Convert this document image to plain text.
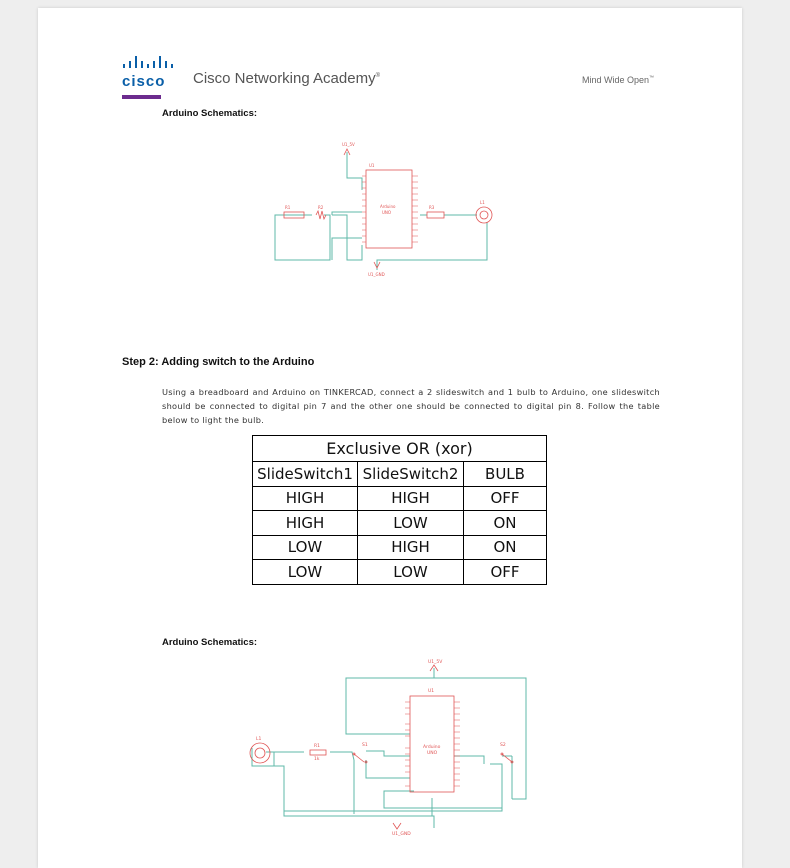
cisco Cisco Networking Academy®	Mind Wide Open™
Arduino Schematics:
U1_5V
U1
Arduino
UNO
R1	R2	R3
L1
U1_GND
Step 2: Adding switch to the Arduino
Using a breadboard and Arduino on TINKERCAD, connect a 2 slideswitch and 1 bulb to Arduino, one slideswitch should be connected to digital pin 7 and the other one should be connected to digital pin 8. Follow the table below to light the bulb.
Exclusive OR (xor)		
SlideSwitch1	SlideSwitch2	BULB
HIGH	HIGH	OFF
HIGH	LOW	ON
LOW	HIGH	ON
LOW	LOW	OFF
Arduino Schematics:
U1_5V
U1
Arduino
UNO
L1
R1
1k
S1	S2
U1_GND
